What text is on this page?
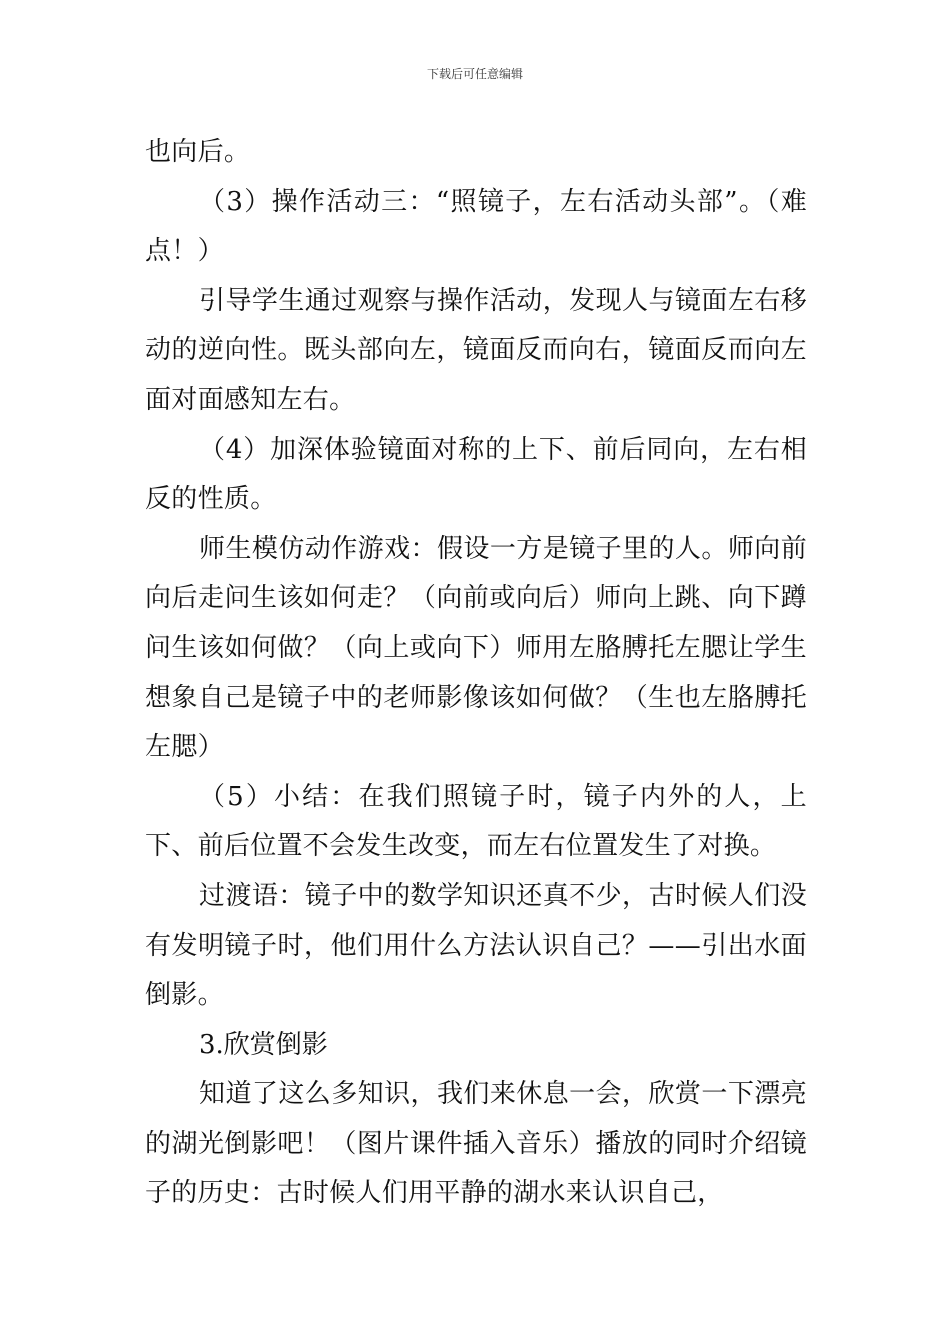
下载后可任意编辑

也向后。

（3）操作活动三：“照镜子，左右活动头部”。（难点！）

引导学生通过观察与操作活动，发现人与镜面左右移动的逆向性。既头部向左，镜面反而向右，镜面反而向左面对面感知左右。

（4）加深体验镜面对称的上下、前后同向，左右相反的性质。

师生模仿动作游戏：假设一方是镜子里的人。师向前向后走问生该如何走？（向前或向后）师向上跳、向下蹲问生该如何做？（向上或向下）师用左胳膊托左腮让学生想象自己是镜子中的老师影像该如何做？（生也左胳膊托左腮）

（5）小结：在我们照镜子时，镜子内外的人，上下、前后位置不会发生改变，而左右位置发生了对换。

过渡语：镜子中的数学知识还真不少，古时候人们没有发明镜子时，他们用什么方法认识自己？——引出水面倒影。

3.欣赏倒影

知道了这么多知识，我们来休息一会，欣赏一下漂亮的湖光倒影吧！（图片课件插入音乐）播放的同时介绍镜子的历史：古时候人们用平静的湖水来认识自己，
